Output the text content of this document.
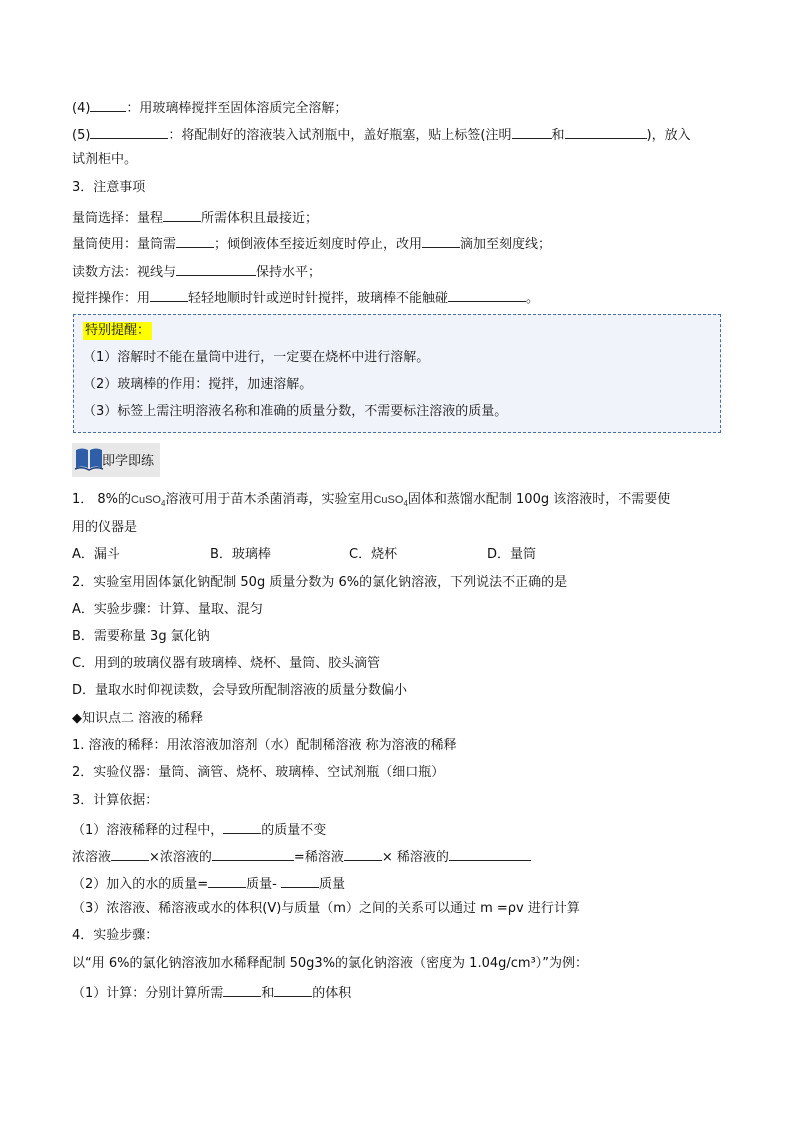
(4)	：用玻璃棒搅拌至固体溶质完全溶解；
(5)	：将配制好的溶液装入试剂瓶中，盖好瓶塞，贴上标签(注明	和	)，放入
试剂柜中。
3．注意事项
量筒选择：量程	所需体积且最接近；
量筒使用：量筒需	；倾倒液体至接近刻度时停止，改用	滴加至刻度线；
读数方法：视线与	保持水平；
搅拌操作：用	轻轻地顺时针或逆时针搅拌，玻璃棒不能触碰	。
特别提醒：
（1）溶解时不能在量筒中进行，一定要在烧杯中进行溶解。
（2）玻璃棒的作用：搅拌，加速溶解。
（3）标签上需注明溶液名称和准确的质量分数，不需要标注溶液的质量。
即学即练
1． 8%的CuSO$_4$溶液可用于苗木杀菌消毒，实验室用CuSO$_4$固体和蒸馏水配制 100g 该溶液时，不需要使
用的仪器是
A．漏斗	B．玻璃棒	C．烧杯	D．量筒
2．实验室用固体氯化钠配制 50g 质量分数为 6%的氯化钠溶液，下列说法不正确的是
A．实验步骤：计算、量取、混匀
B．需要称量 3g 氯化钠
C．用到的玻璃仪器有玻璃棒、烧杯、量筒、胶头滴管
D．量取水时仰视读数，会导致所配制溶液的质量分数偏小
◆知识点二 溶液的稀释
1. 溶液的稀释：用浓溶液加溶剂（水）配制稀溶液 称为溶液的稀释
2．实验仪器：量筒、滴管、烧杯、玻璃棒、空试剂瓶（细口瓶）
3．计算依据：
（1）溶液稀释的过程中，	的质量不变
浓溶液	×浓溶液的	=稀溶液	× 稀溶液的
（2）加入的水的质量=	质量-	质量
（3）浓溶液、稀溶液或水的体积(V)与质量（m）之间的关系可以通过 m =ρv 进行计算
4．实验步骤：
以“用 6%的氯化钠溶液加水稀释配制 50g3%的氯化钠溶液（密度为 1.04g/cm³）”为例：
（1）计算：分别计算所需	和	的体积
